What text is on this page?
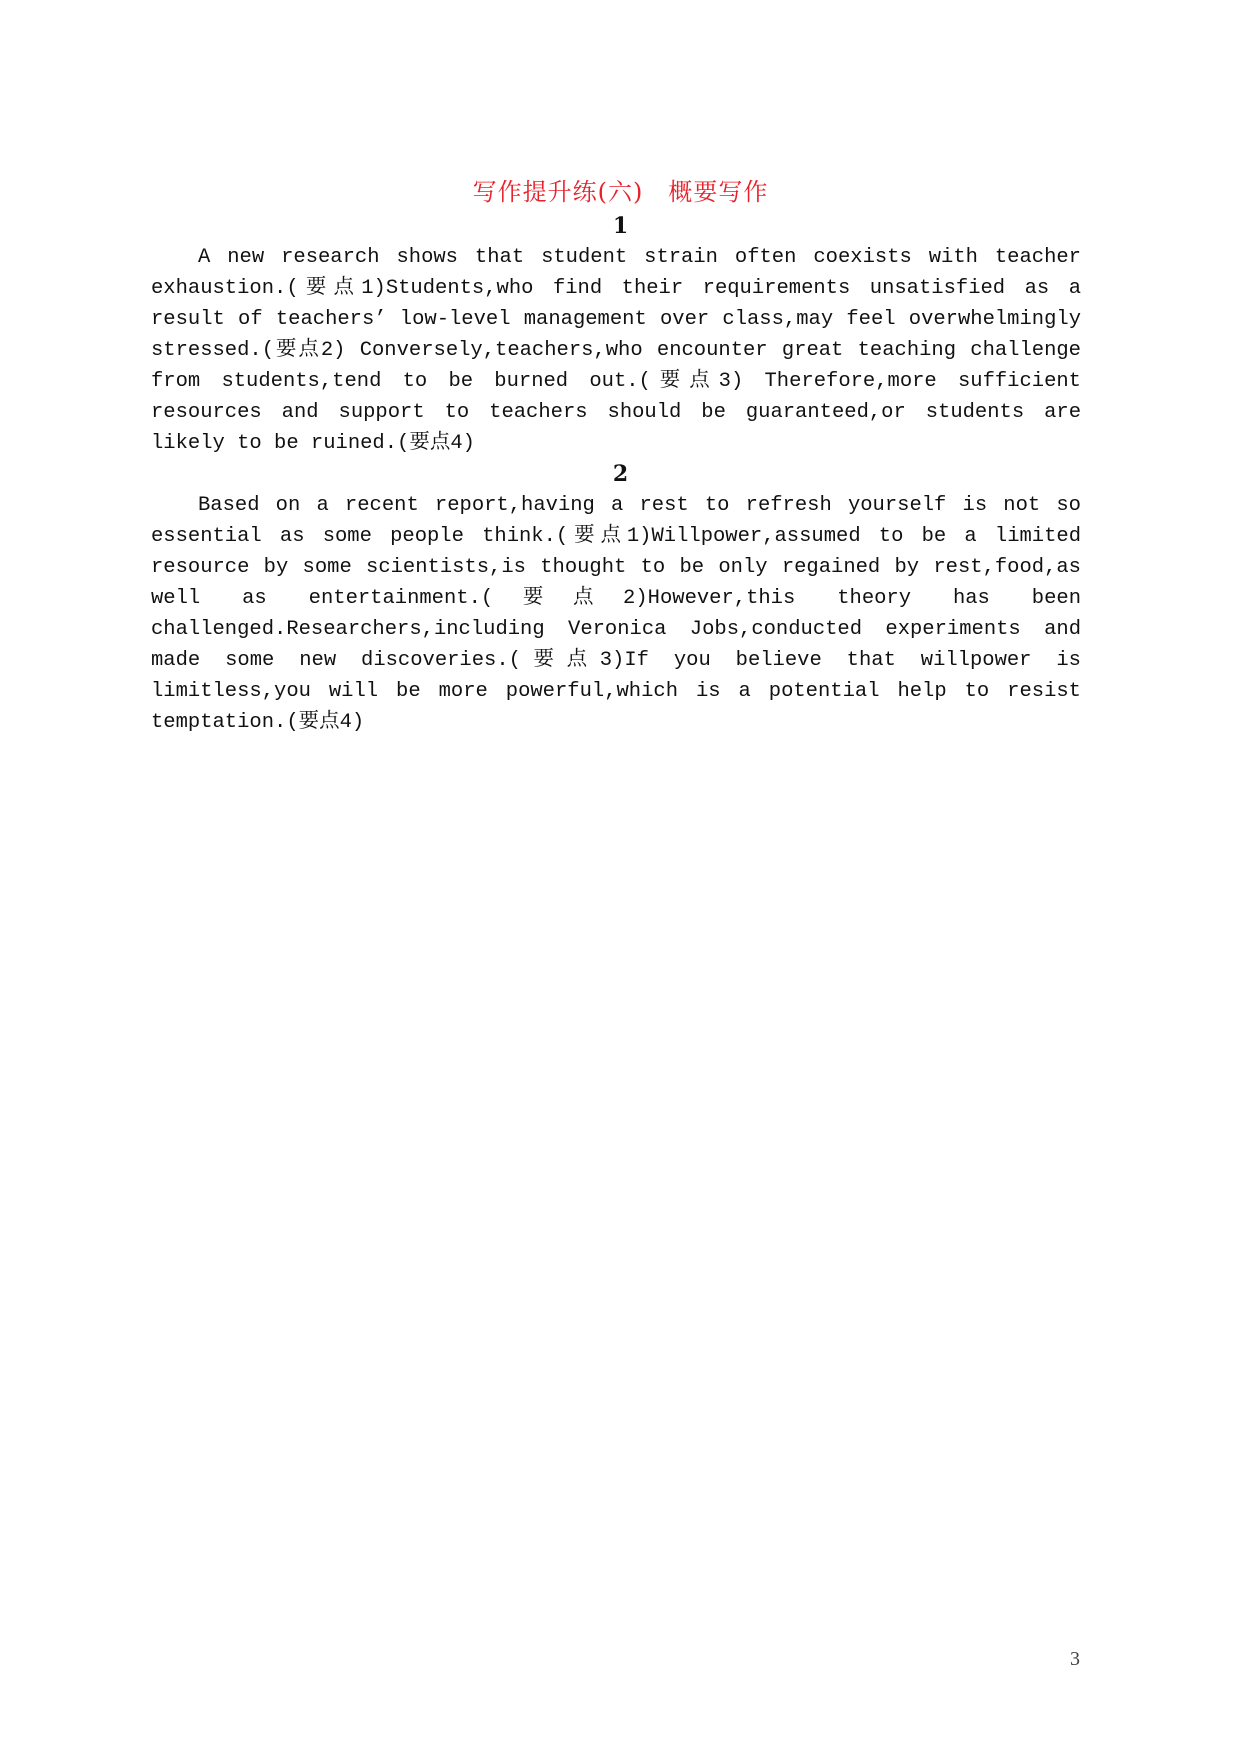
写作提升练(六)　概要写作
1

A new research shows that student strain often coexists with teacher exhaustion.(要点1)Students,who find their requirements unsatisfied as a result of teachers’ low-level management over class,may feel overwhelmingly stressed.(要点2) Conversely,teachers,who encounter great teaching challenge from students,tend to be burned out.(要点3) Therefore,more sufficient resources and support to teachers should be guaranteed,or students are likely to be ruined.(要点4)

2

Based on a recent report,having a rest to refresh yourself is not so essential as some people think.(要点1)Willpower,assumed to be a limited resource by some scientists,is thought to be only regained by rest,food,as well as entertainment.(要点2)However,this theory has been challenged.Researchers,including Veronica Jobs,conducted experiments and made some new discoveries.(要点3)If you believe that willpower is limitless,you will be more powerful,which is a potential help to resist temptation.(要点4)

3
